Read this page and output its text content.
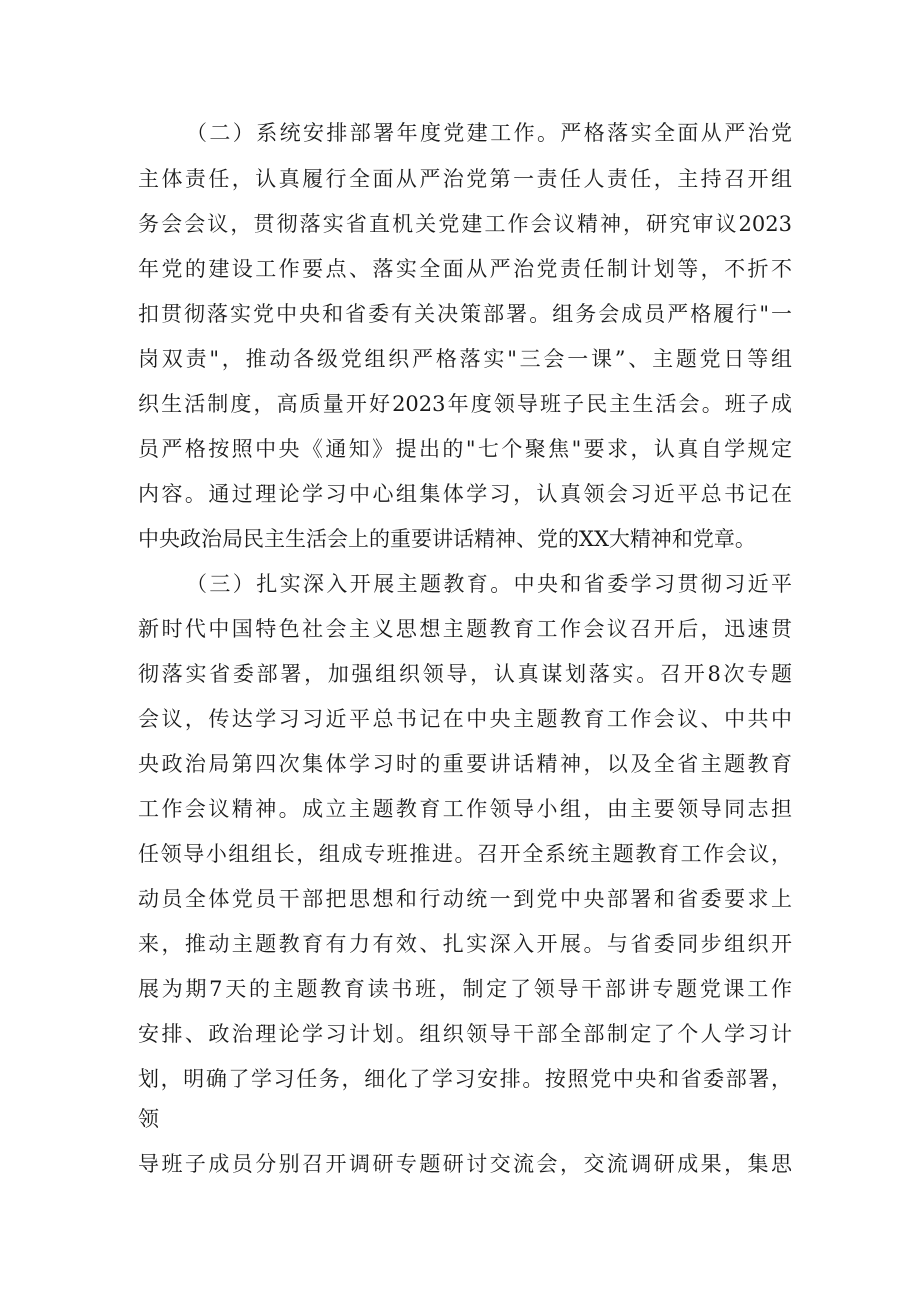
（二）系统安排部署年度党建工作。严格落实全面从严治党
主体责任，认真履行全面从严治党第一责任人责任，主持召开组
务会会议，贯彻落实省直机关党建工作会议精神，研究审议2023
年党的建设工作要点、落实全面从严治党责任制计划等，不折不
扣贯彻落实党中央和省委有关决策部署。组务会成员严格履行"一
岗双责"，推动各级党组织严格落实"三会一课”、主题党日等组
织生活制度，高质量开好2023年度领导班子民主生活会。班子成
员严格按照中央《通知》提出的"七个聚焦"要求，认真自学规定
内容。通过理论学习中心组集体学习，认真领会习近平总书记在
中央政治局民主生活会上的重要讲话精神、党的XX大精神和党章。
（三）扎实深入开展主题教育。中央和省委学习贯彻习近平
新时代中国特色社会主义思想主题教育工作会议召开后，迅速贯
彻落实省委部署，加强组织领导，认真谋划落实。召开8次专题
会议，传达学习习近平总书记在中央主题教育工作会议、中共中
央政治局第四次集体学习时的重要讲话精神，以及全省主题教育
工作会议精神。成立主题教育工作领导小组，由主要领导同志担
任领导小组组长，组成专班推进。召开全系统主题教育工作会议，
动员全体党员干部把思想和行动统一到党中央部署和省委要求上
来，推动主题教育有力有效、扎实深入开展。与省委同步组织开
展为期7天的主题教育读书班，制定了领导干部讲专题党课工作
安排、政治理论学习计划。组织领导干部全部制定了个人学习计
划，明确了学习任务，细化了学习安排。按照党中央和省委部署，
领
导班子成员分别召开调研专题研讨交流会，交流调研成果，集思
